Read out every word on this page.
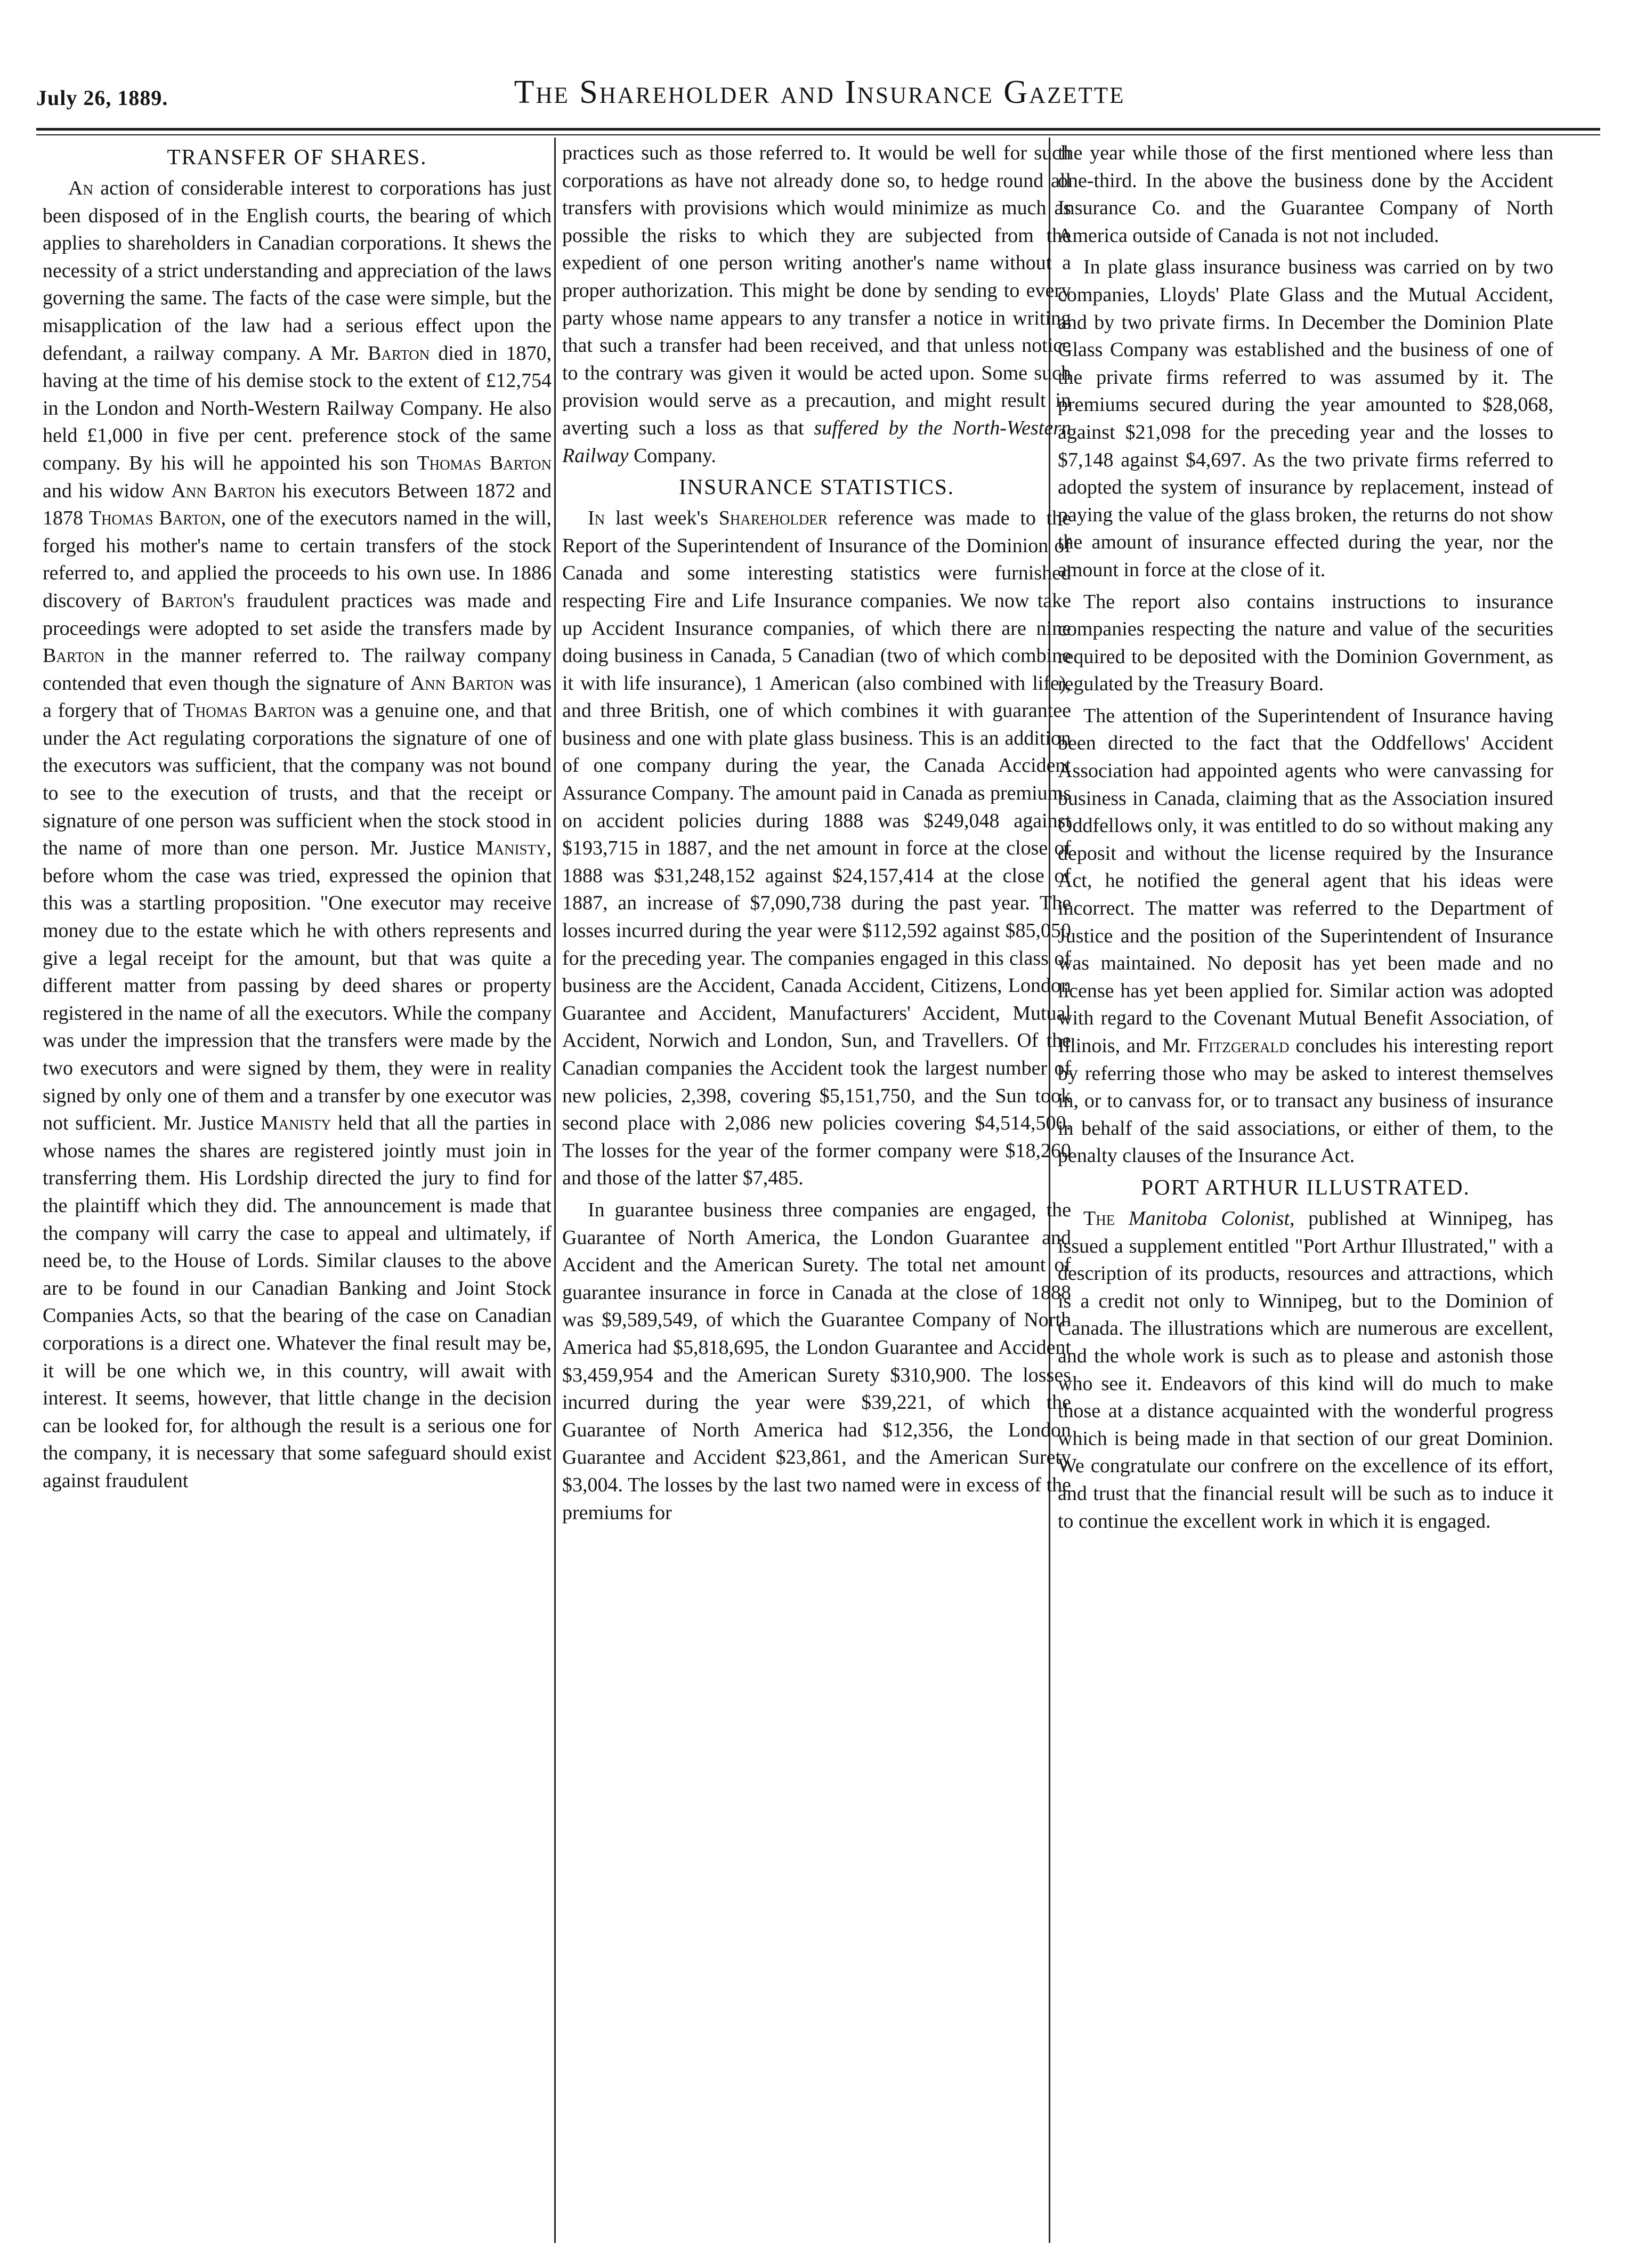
July 26, 1889.	The Shareholder and Insurance Gazette
TRANSFER OF SHARES.

An action of considerable interest to corporations has just been disposed of in the English courts, the bearing of which applies to shareholders in Canadian corporations. It shews the necessity of a strict understanding and appreciation of the laws governing the same. The facts of the case were simple, but the misapplication of the law had a serious effect upon the defendant, a railway company. A Mr. Barton died in 1870, having at the time of his demise stock to the extent of £12,754 in the London and North-Western Railway Company. He also held £1,000 in five per cent. preference stock of the same company. By his will he appointed his son Thomas Barton and his widow Ann Barton his executors Between 1872 and 1878 Thomas Barton, one of the executors named in the will, forged his mother's name to certain transfers of the stock referred to, and applied the proceeds to his own use. In 1886 discovery of Barton's fraudulent practices was made and proceedings were adopted to set aside the transfers made by Barton in the manner referred to. The railway company contended that even though the signature of Ann Barton was a forgery that of Thomas Barton was a genuine one, and that under the Act regulating corporations the signature of one of the executors was sufficient, that the company was not bound to see to the execution of trusts, and that the receipt or signature of one person was sufficient when the stock stood in the name of more than one person. Mr. Justice Manisty, before whom the case was tried, expressed the opinion that this was a startling proposition. "One executor may receive money due to the estate which he with others represents and give a legal receipt for the amount, but that was quite a different matter from passing by deed shares or property registered in the name of all the executors. While the company was under the impression that the transfers were made by the two executors and were signed by them, they were in reality signed by only one of them and a transfer by one executor was not sufficient. Mr. Justice Manisty held that all the parties in whose names the shares are registered jointly must join in transferring them. His Lordship directed the jury to find for the plaintiff which they did. The announcement is made that the company will carry the case to appeal and ultimately, if need be, to the House of Lords. Similar clauses to the above are to be found in our Canadian Banking and Joint Stock Companies Acts, so that the bearing of the case on Canadian corporations is a direct one. Whatever the final result may be, it will be one which we, in this country, will await with interest. It seems, however, that little change in the decision can be looked for, for although the result is a serious one for the company, it is necessary that some safeguard should exist against fraudulent

practices such as those referred to. It would be well for such corporations as have not already done so, to hedge round all transfers with provisions which would minimize as much as possible the risks to which they are subjected from the expedient of one person writing another's name without a proper authorization. This might be done by sending to every party whose name appears to any transfer a notice in writing that such a transfer had been received, and that unless notice to the contrary was given it would be acted upon. Some such provision would serve as a precaution, and might result in averting such a loss as that suffered by the North-Western Railway Company.

INSURANCE STATISTICS.

In last week's Shareholder reference was made to the Report of the Superintendent of Insurance of the Dominion of Canada and some interesting statistics were furnished respecting Fire and Life Insurance companies. We now take up Accident Insurance companies, of which there are nine doing business in Canada, 5 Canadian (two of which combine it with life insurance), 1 American (also combined with life), and three British, one of which combines it with guarantee business and one with plate glass business. This is an addition of one company during the year, the Canada Accident Assurance Company. The amount paid in Canada as premiums on accident policies during 1888 was $249,048 against $193,715 in 1887, and the net amount in force at the close of 1888 was $31,248,152 against $24,157,414 at the close of 1887, an increase of $7,090,738 during the past year. The losses incurred during the year were $112,592 against $85,050 for the preceding year. The companies engaged in this class of business are the Accident, Canada Accident, Citizens, London Guarantee and Accident, Manufacturers' Accident, Mutual Accident, Norwich and London, Sun, and Travellers. Of the Canadian companies the Accident took the largest number of new policies, 2,398, covering $5,151,750, and the Sun took second place with 2,086 new policies covering $4,514,500. The losses for the year of the former company were $18,260 and those of the latter $7,485.

In guarantee business three companies are engaged, the Guarantee of North America, the London Guarantee and Accident and the American Surety. The total net amount of guarantee insurance in force in Canada at the close of 1888 was $9,589,549, of which the Guarantee Company of North America had $5,818,695, the London Guarantee and Accident $3,459,954 and the American Surety $310,900. The losses incurred during the year were $39,221, of which the Guarantee of North America had $12,356, the London Guarantee and Accident $23,861, and the American Surety $3,004. The losses by the last two named were in excess of the premiums for

the year while those of the first mentioned where less than one-third. In the above the business done by the Accident Insurance Co. and the Guarantee Company of North America outside of Canada is not not included.

In plate glass insurance business was carried on by two companies, Lloyds' Plate Glass and the Mutual Accident, and by two private firms. In December the Dominion Plate Glass Company was established and the business of one of the private firms referred to was assumed by it. The premiums secured during the year amounted to $28,068, against $21,098 for the preceding year and the losses to $7,148 against $4,697. As the two private firms referred to adopted the system of insurance by replacement, instead of paying the value of the glass broken, the returns do not show the amount of insurance effected during the year, nor the amount in force at the close of it.

The report also contains instructions to insurance companies respecting the nature and value of the securities required to be deposited with the Dominion Government, as regulated by the Treasury Board.

The attention of the Superintendent of Insurance having been directed to the fact that the Oddfellows' Accident Association had appointed agents who were canvassing for business in Canada, claiming that as the Association insured Oddfellows only, it was entitled to do so without making any deposit and without the license required by the Insurance Act, he notified the general agent that his ideas were incorrect. The matter was referred to the Department of Justice and the position of the Superintendent of Insurance was maintained. No deposit has yet been made and no license has yet been applied for. Similar action was adopted with regard to the Covenant Mutual Benefit Association, of Illinois, and Mr. Fitzgerald concludes his interesting report by referring those who may be asked to interest themselves in, or to canvass for, or to transact any business of insurance in behalf of the said associations, or either of them, to the penalty clauses of the Insurance Act.

PORT ARTHUR ILLUSTRATED.

The Manitoba Colonist, published at Winnipeg, has issued a supplement entitled "Port Arthur Illustrated," with a description of its products, resources and attractions, which is a credit not only to Winnipeg, but to the Dominion of Canada. The illustrations which are numerous are excellent, and the whole work is such as to please and astonish those who see it. Endeavors of this kind will do much to make those at a distance acquainted with the wonderful progress which is being made in that section of our great Dominion. We congratulate our confrere on the excellence of its effort, and trust that the financial result will be such as to induce it to continue the excellent work in which it is engaged.
